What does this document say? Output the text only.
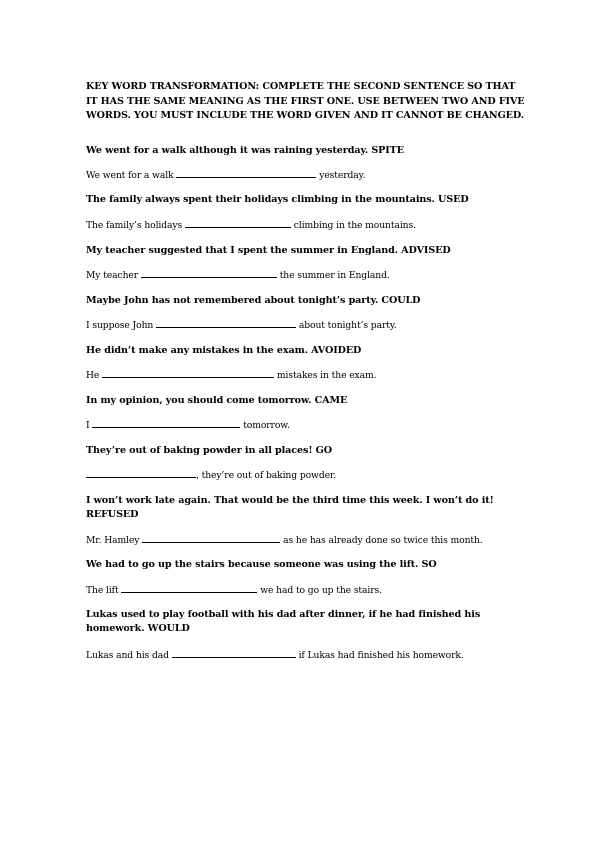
KEY WORD TRANSFORMATION: COMPLETE THE SECOND SENTENCE SO THAT IT HAS THE SAME MEANING AS THE FIRST ONE. USE BETWEEN TWO AND FIVE WORDS. YOU MUST INCLUDE THE WORD GIVEN AND IT CANNOT BE CHANGED.
We went for a walk although it was raining yesterday. SPITE
We went for a walk	yesterday.
The family always spent their holidays climbing in the mountains. USED
The family’s holidays	climbing in the mountains.
My teacher suggested that I spent the summer in England. ADVISED
My teacher	the summer in England.
Maybe John has not remembered about tonight’s party. COULD
I suppose John	about tonight’s party.
He didn’t make any mistakes in the exam. AVOIDED
He	mistakes in the exam.
In my opinion, you should come tomorrow. CAME
I	tomorrow.
They’re out of baking powder in all places! GO
, they’re out of baking powder.
I won’t work late again. That would be the third time this week. I won’t do it! REFUSED
Mr. Hamley	as he has already done so twice this month.
We had to go up the stairs because someone was using the lift. SO
The lift	we had to go up the stairs.
Lukas used to play football with his dad after dinner, if he had finished his homework. WOULD
Lukas and his dad	if Lukas had finished his homework.
